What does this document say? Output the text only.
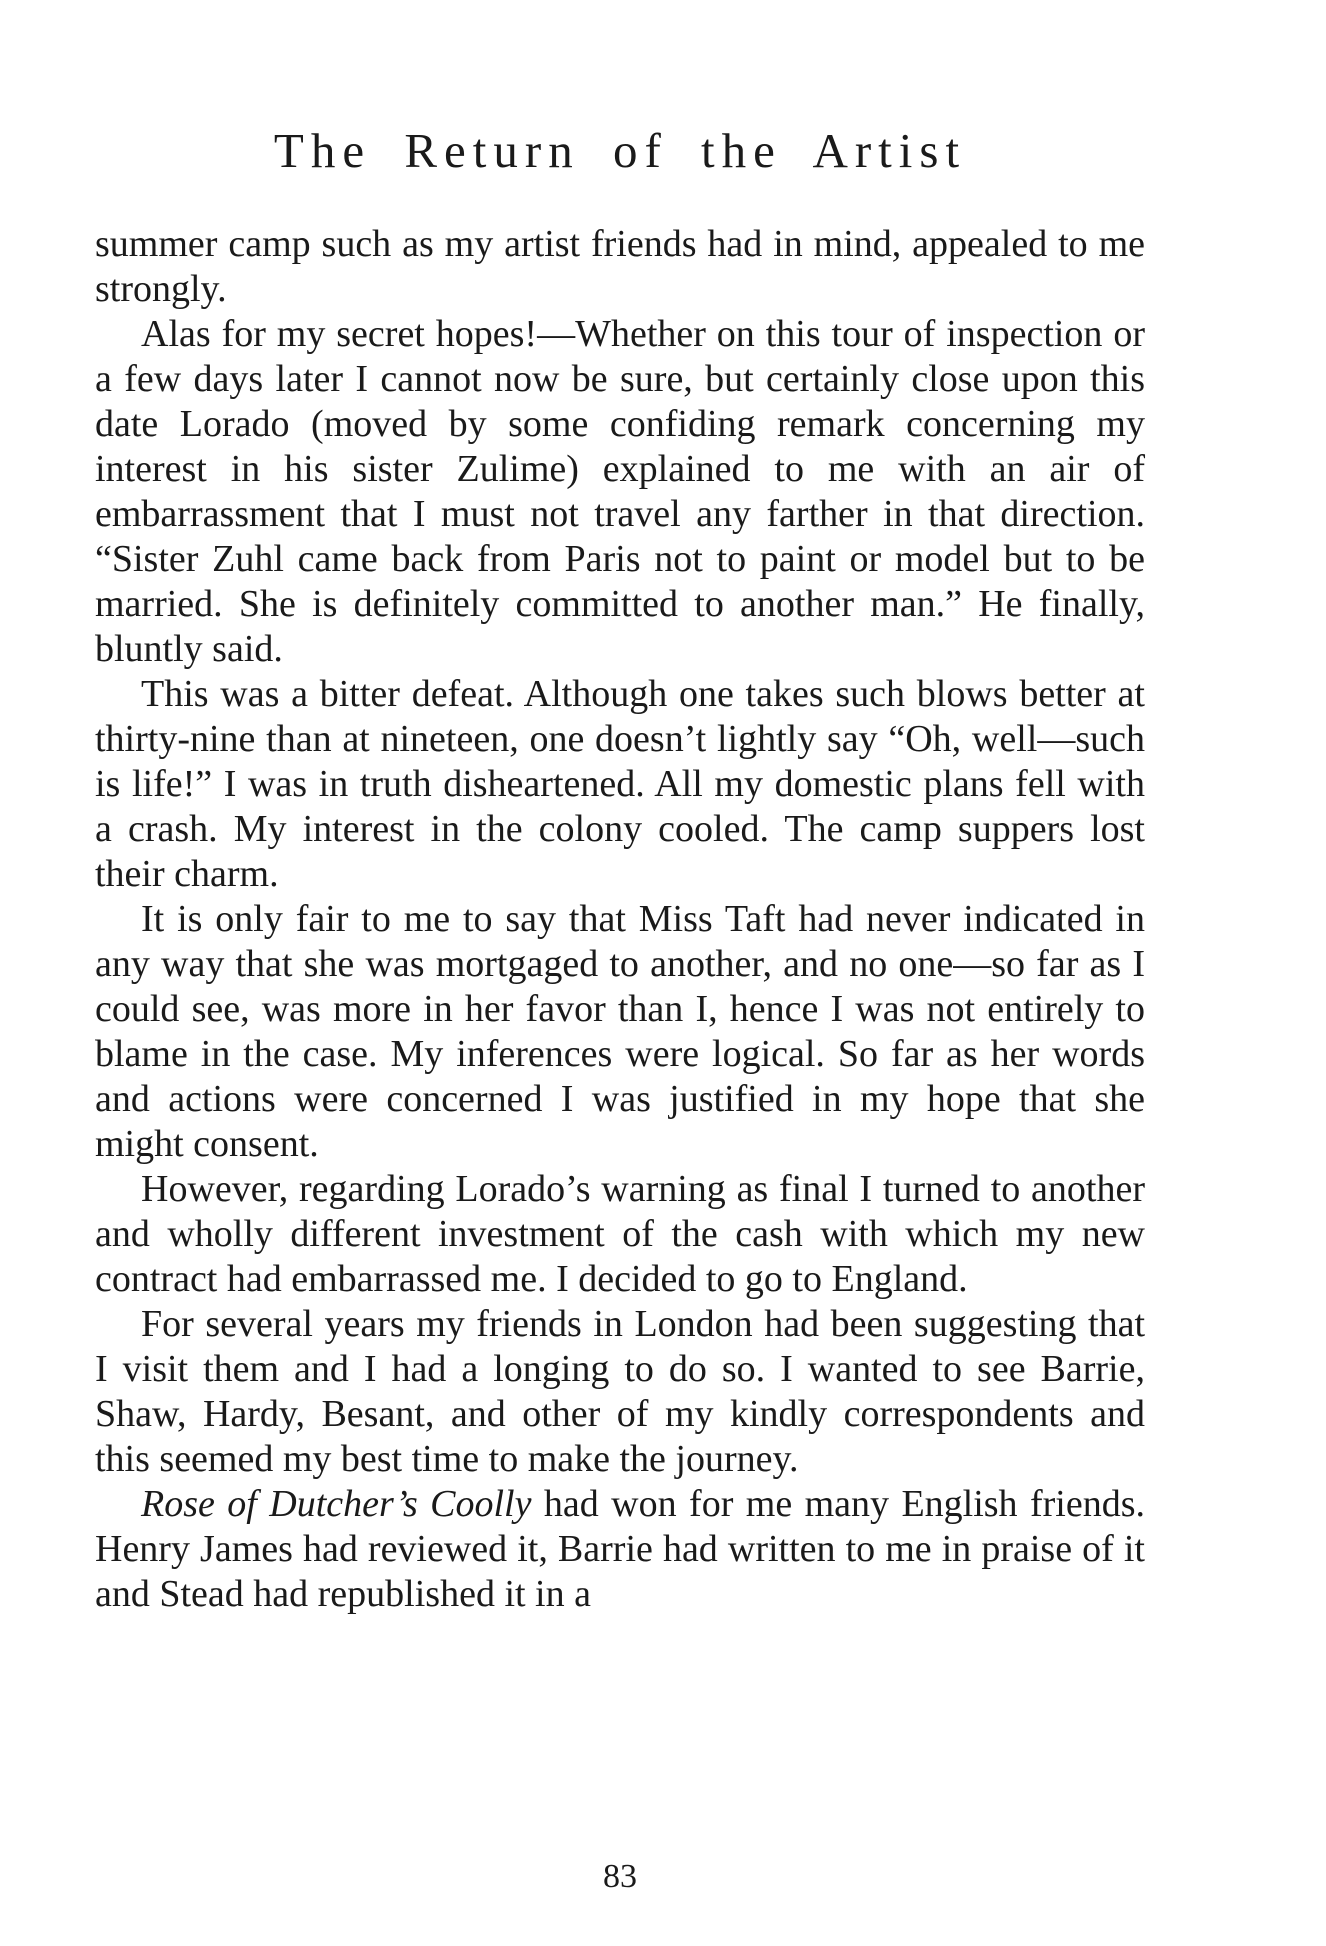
The Return of the Artist

summer camp such as my artist friends had in mind, appealed to me strongly.

Alas for my secret hopes!—Whether on this tour of inspection or a few days later I cannot now be sure, but certainly close upon this date Lorado (moved by some confiding remark concerning my interest in his sister Zulime) explained to me with an air of embarrassment that I must not travel any farther in that direction. “Sister Zuhl came back from Paris not to paint or model but to be married. She is definitely committed to another man.” He finally, bluntly said.

This was a bitter defeat. Although one takes such blows better at thirty-nine than at nineteen, one doesn’t lightly say “Oh, well—such is life!” I was in truth disheartened. All my domestic plans fell with a crash. My interest in the colony cooled. The camp suppers lost their charm.

It is only fair to me to say that Miss Taft had never indicated in any way that she was mortgaged to another, and no one—so far as I could see, was more in her favor than I, hence I was not entirely to blame in the case. My inferences were logical. So far as her words and actions were concerned I was justified in my hope that she might consent.

However, regarding Lorado’s warning as final I turned to another and wholly different investment of the cash with which my new contract had embarrassed me. I decided to go to England.

For several years my friends in London had been suggesting that I visit them and I had a longing to do so. I wanted to see Barrie, Shaw, Hardy, Besant, and other of my kindly correspondents and this seemed my best time to make the journey.

Rose of Dutcher’s Coolly had won for me many English friends. Henry James had reviewed it, Barrie had written to me in praise of it and Stead had republished it in a

83
